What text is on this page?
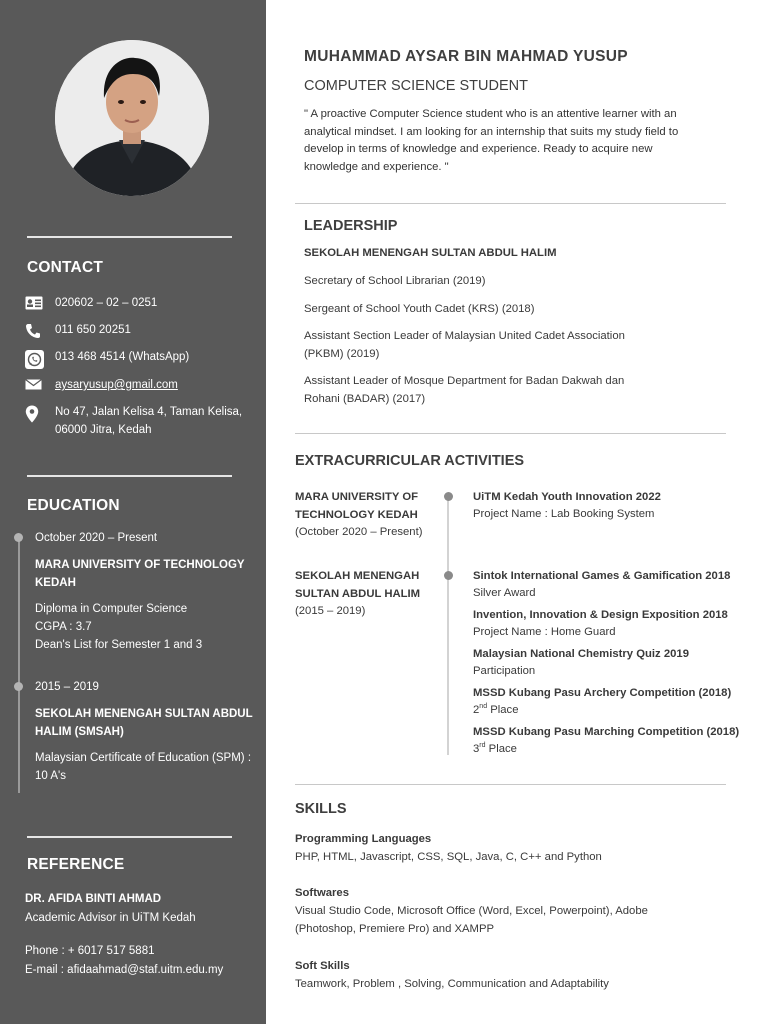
CONTACT
020602 – 02 – 0251
011 650 20251
013 468 4514 (WhatsApp)
aysaryusup@gmail.com
No 47, Jalan Kelisa 4, Taman Kelisa, 06000 Jitra, Kedah
EDUCATION
October 2020 – Present
MARA UNIVERSITY OF TECHNOLOGY KEDAH
Diploma in Computer Science
CGPA : 3.7
Dean's List for Semester 1 and 3
2015 – 2019
SEKOLAH MENENGAH SULTAN ABDUL HALIM (SMSAH)
Malaysian Certificate of Education (SPM) : 10 A's
REFERENCE
DR. AFIDA BINTI AHMAD
Academic Advisor in UiTM Kedah
Phone : + 6017 517 5881
E-mail : afidaahmad@staf.uitm.edu.my
MUHAMMAD AYSAR BIN MAHMAD YUSUP
COMPUTER SCIENCE STUDENT
" A proactive Computer Science student who is an attentive learner with an analytical mindset. I am looking for an internship that suits my study field to develop in terms of knowledge and experience. Ready to acquire new knowledge and experience. "
LEADERSHIP
SEKOLAH MENENGAH SULTAN ABDUL HALIM
Secretary of School Librarian (2019)
Sergeant of School Youth Cadet (KRS) (2018)
Assistant Section Leader of Malaysian United Cadet Association (PKBM) (2019)
Assistant Leader of Mosque Department for Badan Dakwah dan Rohani (BADAR) (2017)
EXTRACURRICULAR ACTIVITIES
MARA UNIVERSITY OF TECHNOLOGY KEDAH
(October 2020 – Present)
SEKOLAH MENENGAH SULTAN ABDUL HALIM
(2015 – 2019)
UiTM Kedah Youth Innovation 2022
Project Name : Lab Booking System
Sintok International Games & Gamification 2018
Silver Award
Invention, Innovation & Design Exposition 2018
Project Name : Home Guard
Malaysian National Chemistry Quiz 2019
Participation
MSSD Kubang Pasu Archery Competition (2018)
2nd Place
MSSD Kubang Pasu Marching Competition (2018)
3rd Place
SKILLS
Programming Languages
PHP, HTML, Javascript, CSS, SQL, Java, C, C++ and Python
Softwares
Visual Studio Code, Microsoft Office (Word, Excel, Powerpoint), Adobe (Photoshop, Premiere Pro) and XAMPP
Soft Skills
Teamwork, Problem , Solving, Communication and Adaptability
